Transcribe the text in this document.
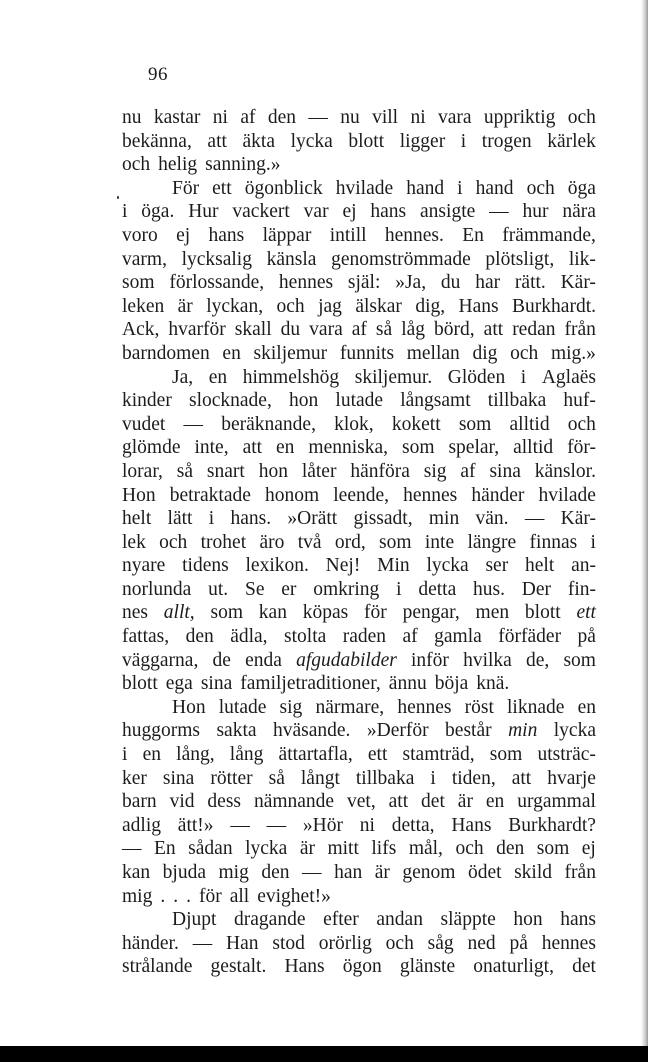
96
nu kastar ni af den — nu vill ni vara uppriktig och
bekänna, att äkta lycka blott ligger i trogen kärlek
och helig sanning.»
För ett ögonblick hvilade hand i hand och öga
i öga. Hur vackert var ej hans ansigte — hur nära
voro ej hans läppar intill hennes. En främmande,
varm, lycksalig känsla genomströmmade plötsligt, lik-
som förlossande, hennes själ: »Ja, du har rätt. Kär-
leken är lyckan, och jag älskar dig, Hans Burkhardt.
Ack, hvarför skall du vara af så låg börd, att redan från
barndomen en skiljemur funnits mellan dig och mig.»
Ja, en himmelshög skiljemur. Glöden i Aglaës
kinder slocknade, hon lutade långsamt tillbaka huf-
vudet — beräknande, klok, kokett som alltid och
glömde inte, att en menniska, som spelar, alltid för-
lorar, så snart hon låter hänföra sig af sina känslor.
Hon betraktade honom leende, hennes händer hvilade
helt lätt i hans. »Orätt gissadt, min vän. — Kär-
lek och trohet äro två ord, som inte längre finnas i
nyare tidens lexikon. Nej! Min lycka ser helt an-
norlunda ut. Se er omkring i detta hus. Der fin-
nes allt, som kan köpas för pengar, men blott ett
fattas, den ädla, stolta raden af gamla förfäder på
väggarna, de enda afgudabilder inför hvilka de, som
blott ega sina familjetraditioner, ännu böja knä.
Hon lutade sig närmare, hennes röst liknade en
huggorms sakta hväsande. »Derför består min lycka
i en lång, lång ättartafla, ett stamträd, som utsträc-
ker sina rötter så långt tillbaka i tiden, att hvarje
barn vid dess nämnande vet, att det är en urgammal
adlig ätt!» — — »Hör ni detta, Hans Burkhardt?
— En sådan lycka är mitt lifs mål, och den som ej
kan bjuda mig den — han är genom ödet skild från
mig . . . för all evighet!»
Djupt dragande efter andan släppte hon hans
händer. — Han stod orörlig och såg ned på hennes
strålande gestalt. Hans ögon glänste onaturligt, det
